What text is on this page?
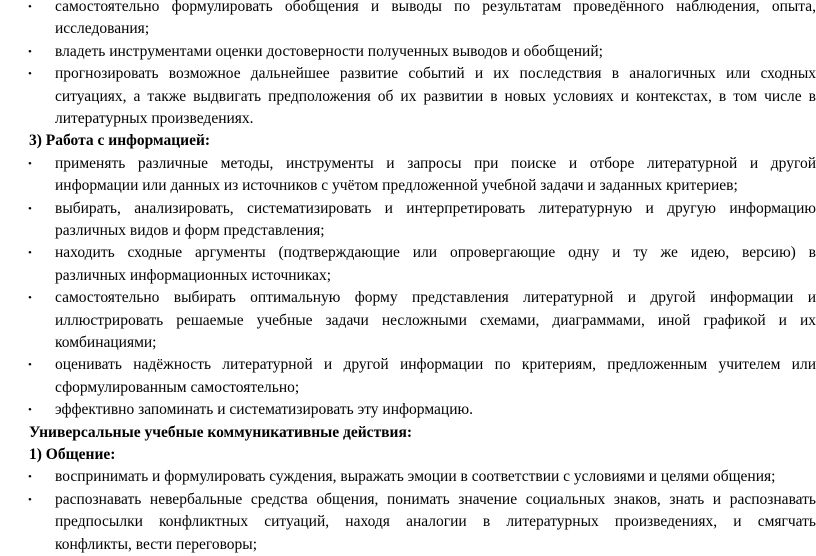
• самостоятельно формулировать обобщения и выводы по результатам проведённого наблюдения, опыта,
исследования;
• владеть инструментами оценки достоверности полученных выводов и обобщений;
• прогнозировать возможное дальнейшее развитие событий и их последствия в аналогичных или сходных
ситуациях, а также выдвигать предположения об их развитии в новых условиях и контекстах, в том числе в
литературных произведениях.
3) Работа с информацией:
• применять различные методы, инструменты и запросы при поиске и отборе литературной и другой
информации или данных из источников с учётом предложенной учебной задачи и заданных критериев;
• выбирать, анализировать, систематизировать и интерпретировать литературную и другую информацию
различных видов и форм представления;
• находить сходные аргументы (подтверждающие или опровергающие одну и ту же идею, версию) в
различных информационных источниках;
• самостоятельно выбирать оптимальную форму представления литературной и другой информации и
иллюстрировать решаемые учебные задачи несложными схемами, диаграммами, иной графикой и их
комбинациями;
• оценивать надёжность литературной и другой информации по критериям, предложенным учителем или
сформулированным самостоятельно;
• эффективно запоминать и систематизировать эту информацию.
Универсальные учебные коммуникативные действия:
1) Общение:
• воспринимать и формулировать суждения, выражать эмоции в соответствии с условиями и целями общения;
• распознавать невербальные средства общения, понимать значение социальных знаков, знать и распознавать
предпосылки конфликтных ситуаций, находя аналогии в литературных произведениях, и смягчать
конфликты, вести переговоры;
